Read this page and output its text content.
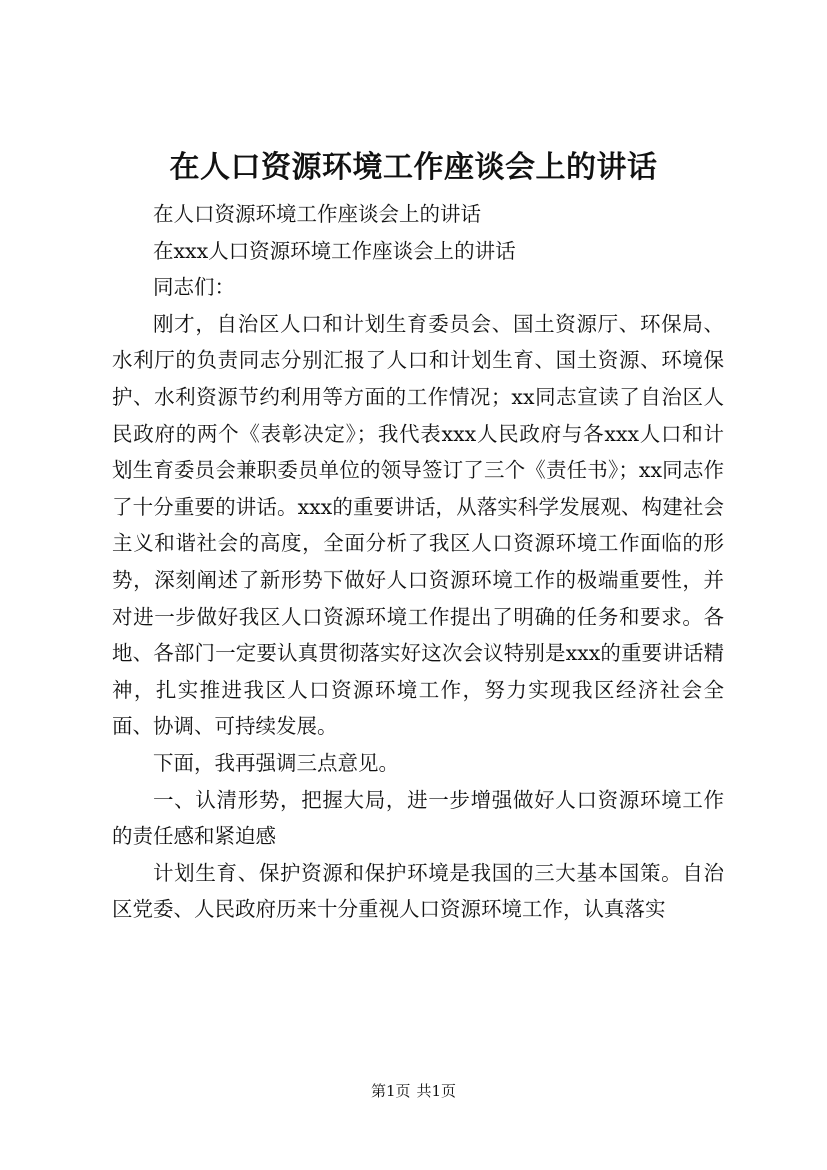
在人口资源环境工作座谈会上的讲话

在人口资源环境工作座谈会上的讲话

在xxx人口资源环境工作座谈会上的讲话

同志们：

刚才，自治区人口和计划生育委员会、国土资源厅、环保局、水利厅的负责同志分别汇报了人口和计划生育、国土资源、环境保护、水利资源节约利用等方面的工作情况；xx同志宣读了自治区人民政府的两个《表彰决定》；我代表xxx人民政府与各xxx人口和计划生育委员会兼职委员单位的领导签订了三个《责任书》；xx同志作了十分重要的讲话。xxx的重要讲话，从落实科学发展观、构建社会主义和谐社会的高度，全面分析了我区人口资源环境工作面临的形势，深刻阐述了新形势下做好人口资源环境工作的极端重要性，并对进一步做好我区人口资源环境工作提出了明确的任务和要求。各地、各部门一定要认真贯彻落实好这次会议特别是xxx的重要讲话精神，扎实推进我区人口资源环境工作，努力实现我区经济社会全面、协调、可持续发展。

下面，我再强调三点意见。

一、认清形势，把握大局，进一步增强做好人口资源环境工作的责任感和紧迫感

计划生育、保护资源和保护环境是我国的三大基本国策。自治区党委、人民政府历来十分重视人口资源环境工作，认真落实

第1页 共1页
